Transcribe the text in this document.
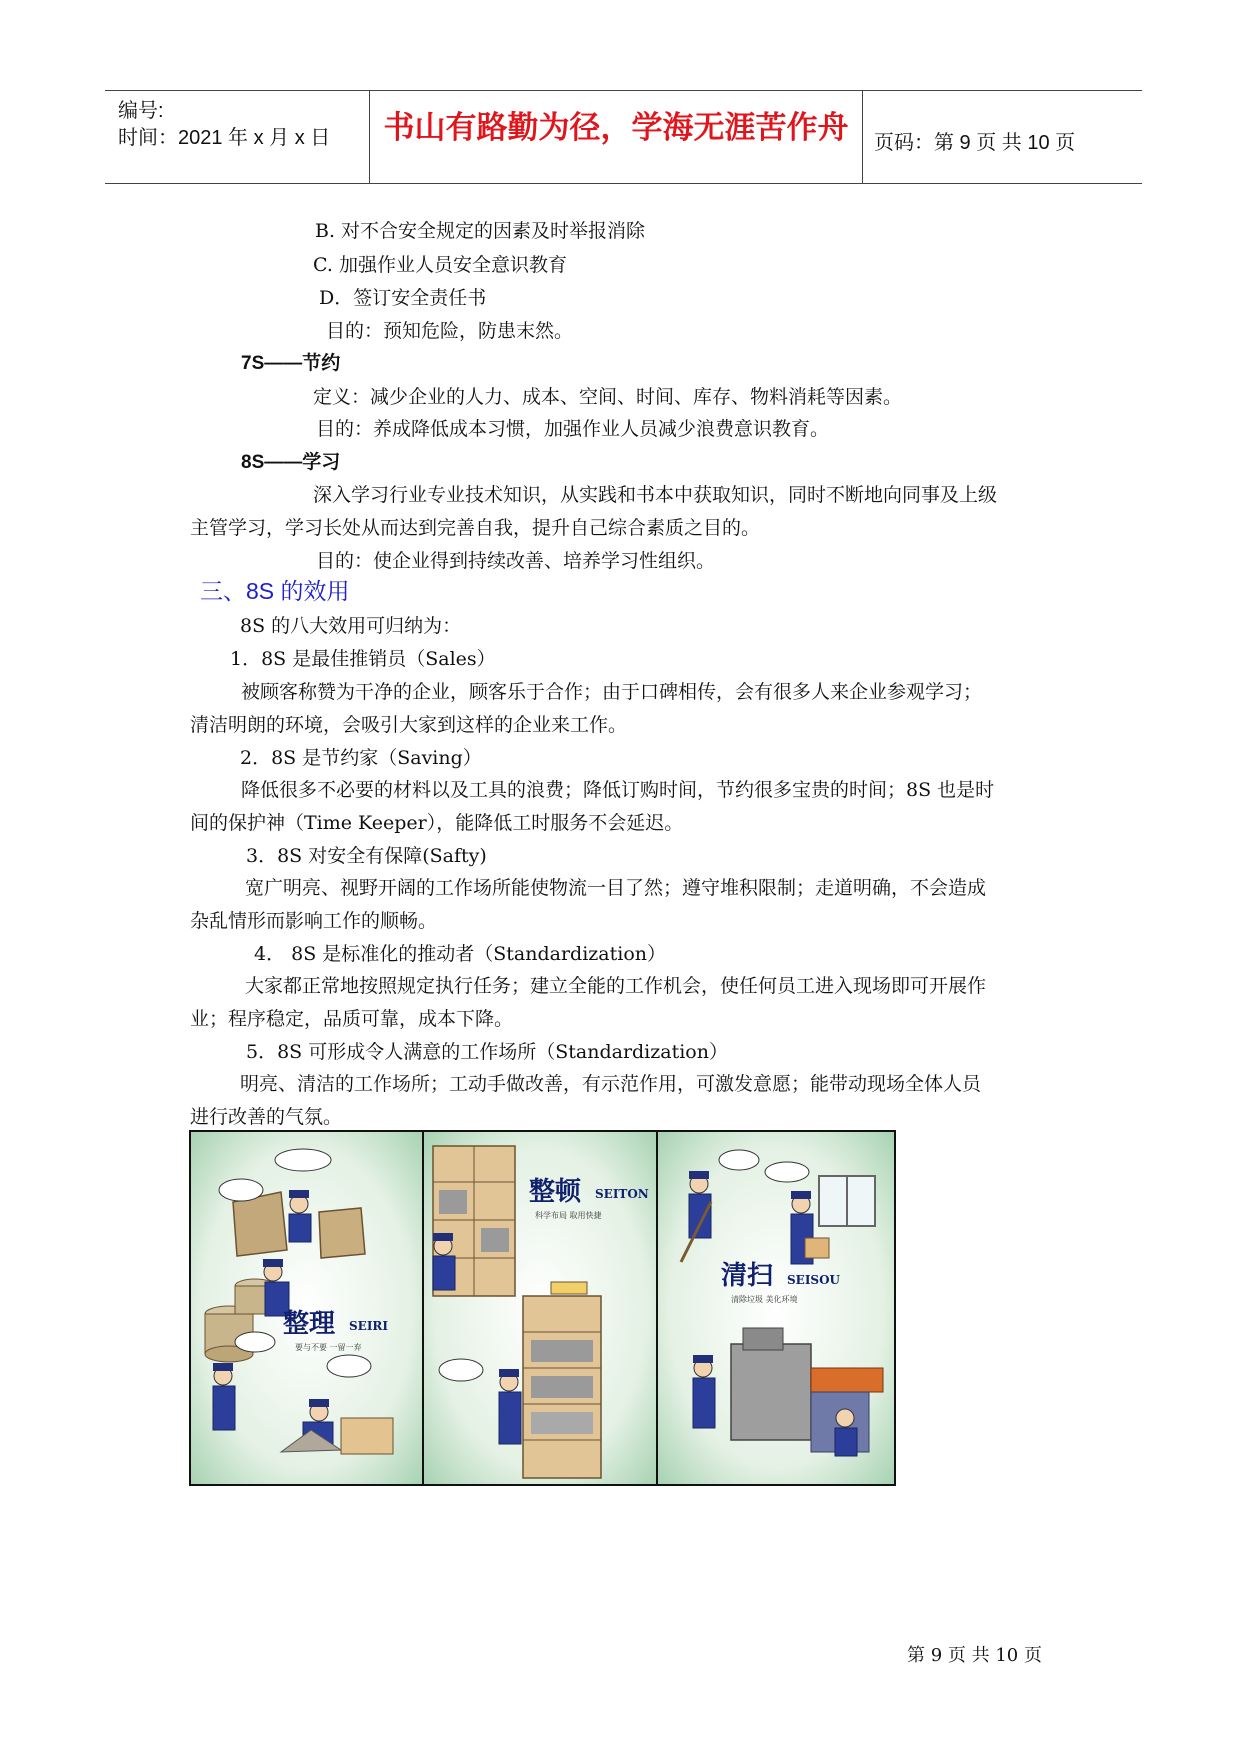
编号:
时间：2021 年 x 月 x 日	书山有路勤为径，学海无涯苦作舟	页码：第 9 页 共 10 页
B. 对不合安全规定的因素及时举报消除
C. 加强作业人员安全意识教育
D．签订安全责任书
目的：预知危险，防患末然。
7S——节约
定义：减少企业的人力、成本、空间、时间、库存、物料消耗等因素。
目的：养成降低成本习惯，加强作业人员减少浪费意识教育。
8S——学习
深入学习行业专业技术知识，从实践和书本中获取知识，同时不断地向同事及上级
主管学习，学习长处从而达到完善自我，提升自己综合素质之目的。
目的：使企业得到持续改善、培养学习性组织。
三、8S 的效用
8S 的八大效用可归纳为：
1．8S 是最佳推销员（Sales）
被顾客称赞为干净的企业，顾客乐于合作；由于口碑相传，会有很多人来企业参观学习；
清洁明朗的环境，会吸引大家到这样的企业来工作。
2．8S 是节约家（Saving）
降低很多不必要的材料以及工具的浪费；降低订购时间，节约很多宝贵的时间；8S 也是时
间的保护神（Time Keeper），能降低工时服务不会延迟。
3．8S 对安全有保障(Safty)
宽广明亮、视野开阔的工作场所能使物流一目了然；遵守堆积限制；走道明确，不会造成
杂乱情形而影响工作的顺畅。
4． 8S 是标准化的推动者（Standardization）
大家都正常地按照规定执行任务；建立全能的工作机会，使任何员工进入现场即可开展作
业；程序稳定，品质可靠，成本下降。
5．8S 可形成令人满意的工作场所（Standardization）
明亮、清洁的工作场所；工动手做改善，有示范作用，可激发意愿；能带动现场全体人员
进行改善的气氛。
整理 SEIRI
要与不要 一留一弃
整顿 SEITON
科学布局 取用快捷
清扫 SEISOU
清除垃圾 美化环境
第 9 页 共 10 页
